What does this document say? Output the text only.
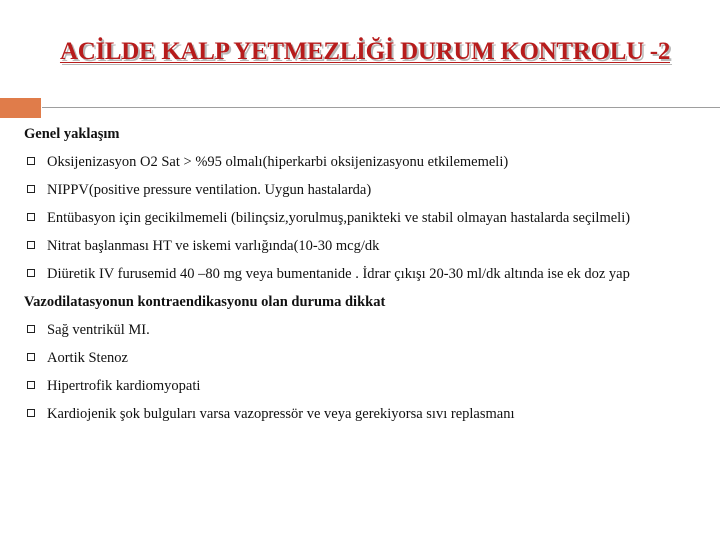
ACİLDE KALP YETMEZLİĞİ DURUM KONTROLU -2
Genel yaklaşım
Oksijenizasyon O2 Sat > %95 olmalı(hiperkarbi oksijenizasyonu etkilememeli)
NIPPV(positive pressure ventilation. Uygun hastalarda)
Entübasyon için gecikilmemeli (bilinçsiz,yorulmuş,panikteki ve stabil olmayan hastalarda seçilmeli)
Nitrat başlanması HT ve iskemi varlığında(10-30 mcg/dk
Diüretik IV furusemid 40 –80 mg veya bumentanide . İdrar çıkışı 20-30 ml/dk altında ise ek doz yap
Vazodilatasyonun kontraendikasyonu olan duruma dikkat
Sağ ventrikül MI.
Aortik Stenoz
Hipertrofik kardiomyopati
Kardiojenik şok bulguları varsa vazopressör ve veya gerekiyorsa sıvı replasmanı
